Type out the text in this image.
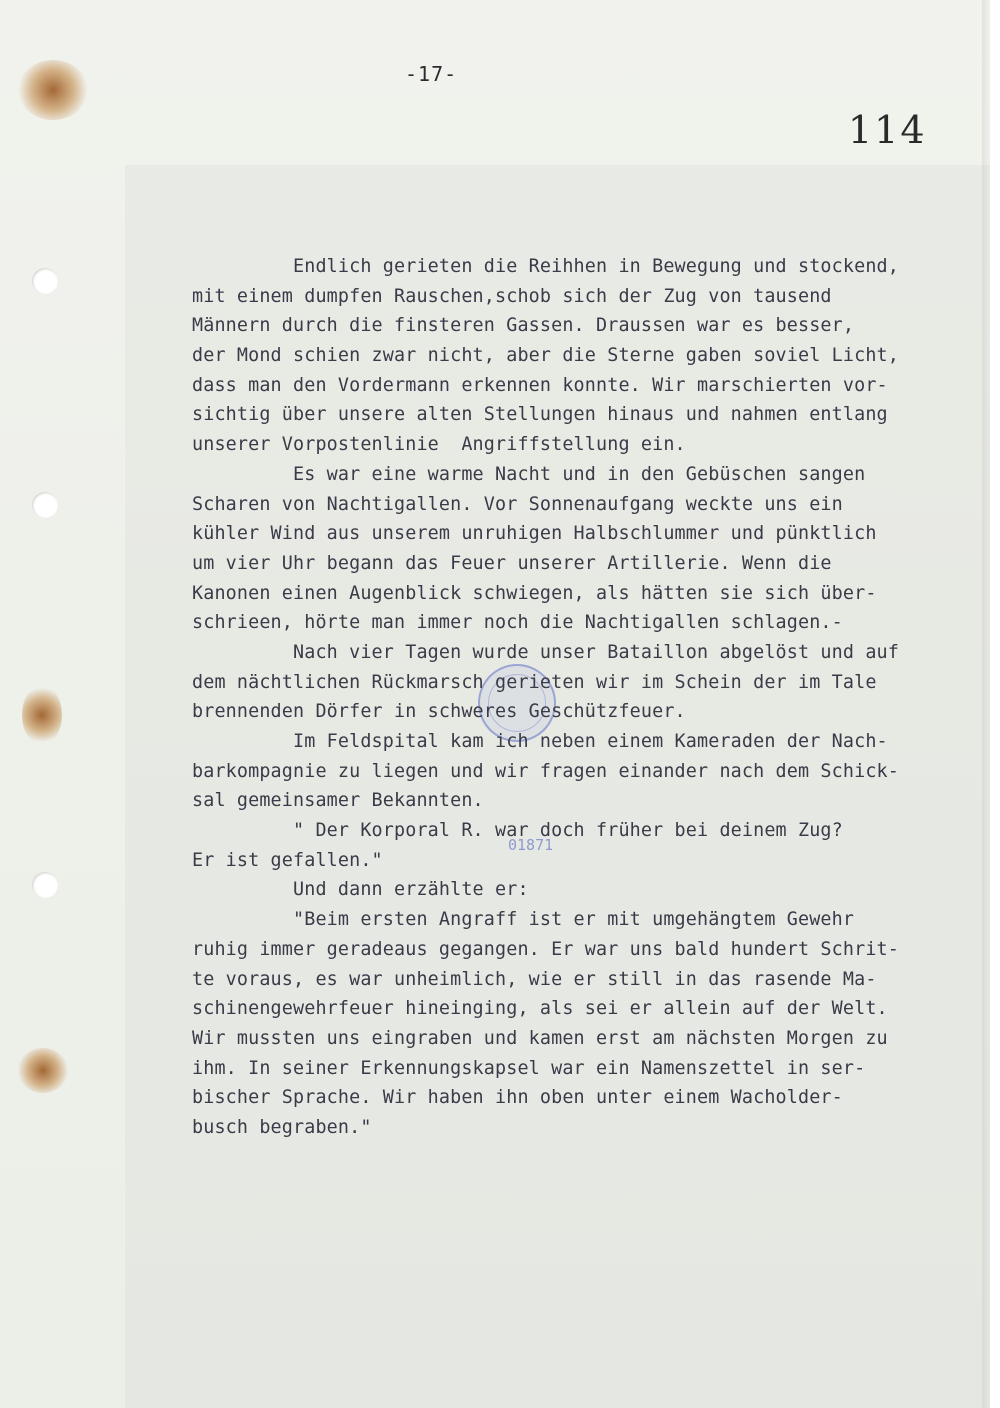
-17-
114
01871
Endlich gerieten die Reihhen in Bewegung und stockend,
mit einem dumpfen Rauschen,schob sich der Zug von tausend
Männern durch die finsteren Gassen. Draussen war es besser,
der Mond schien zwar nicht, aber die Sterne gaben soviel Licht,
dass man den Vordermann erkennen konnte. Wir marschierten vor-
sichtig über unsere alten Stellungen hinaus und nahmen entlang
unserer Vorpostenlinie  Angriffstellung ein.
Es war eine warme Nacht und in den Gebüschen sangen
Scharen von Nachtigallen. Vor Sonnenaufgang weckte uns ein
kühler Wind aus unserem unruhigen Halbschlummer und pünktlich
um vier Uhr begann das Feuer unserer Artillerie. Wenn die
Kanonen einen Augenblick schwiegen, als hätten sie sich über-
schrieen, hörte man immer noch die Nachtigallen schlagen.-
Nach vier Tagen wurde unser Bataillon abgelöst und auf
dem nächtlichen Rückmarsch gerieten wir im Schein der im Tale
brennenden Dörfer in schweres Geschützfeuer.
Im Feldspital kam ich neben einem Kameraden der Nach-
barkompagnie zu liegen und wir fragen einander nach dem Schick-
sal gemeinsamer Bekannten.
" Der Korporal R. war doch früher bei deinem Zug?
Er ist gefallen."
Und dann erzählte er:
"Beim ersten Angraff ist er mit umgehängtem Gewehr
ruhig immer geradeaus gegangen. Er war uns bald hundert Schrit-
te voraus, es war unheimlich, wie er still in das rasende Ma-
schinengewehrfeuer hineinging, als sei er allein auf der Welt.
Wir mussten uns eingraben und kamen erst am nächsten Morgen zu
ihm. In seiner Erkennungskapsel war ein Namenszettel in ser-
bischer Sprache. Wir haben ihn oben unter einem Wacholder-
busch begraben."
